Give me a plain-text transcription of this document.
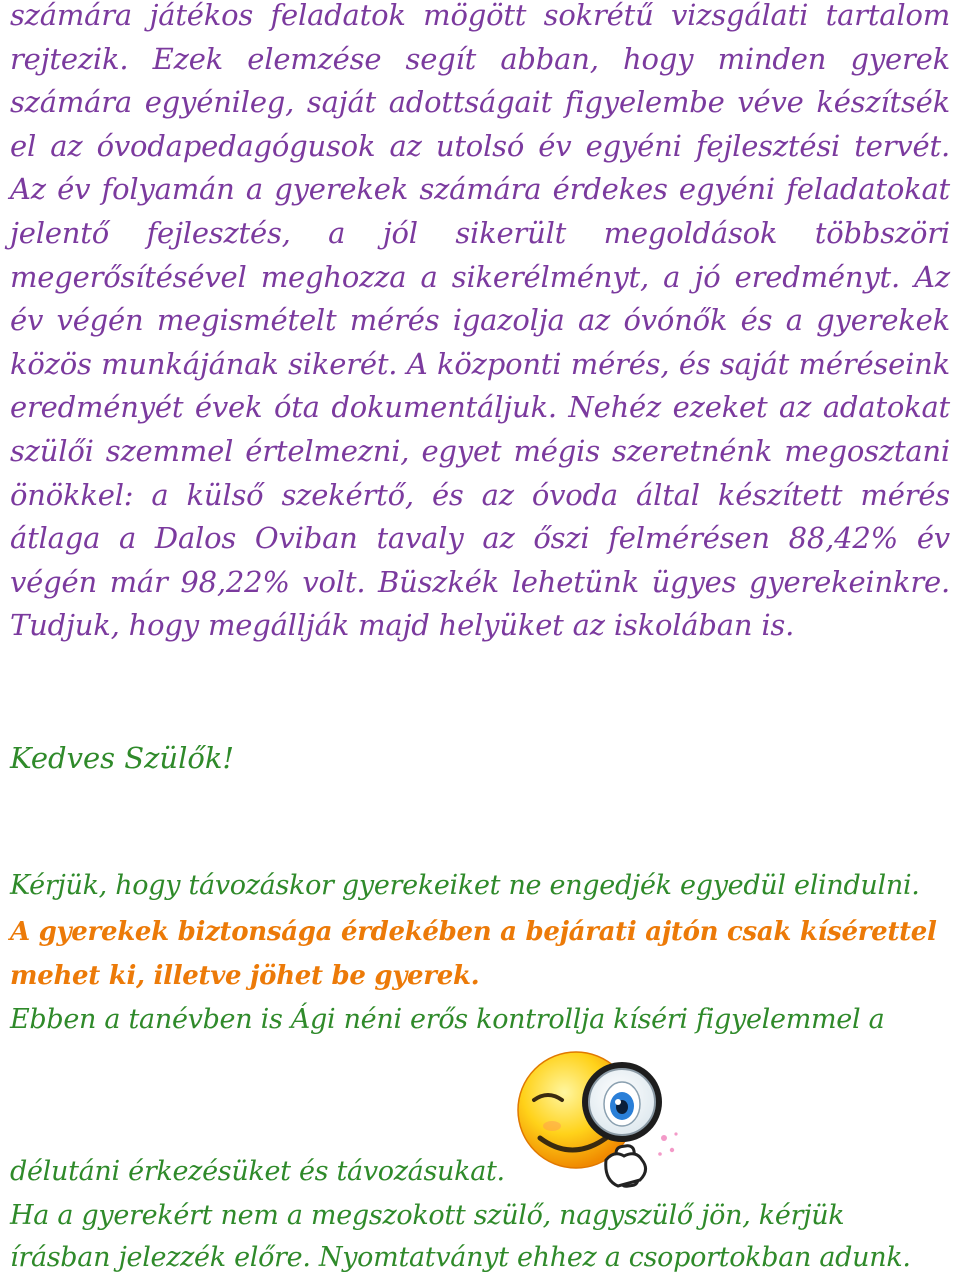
számára játékos feladatok mögött sokrétű vizsgálati tartalom rejtezik. Ezek elemzése segít abban, hogy minden gyerek számára egyénileg, saját adottságait figyelembe véve készítsék el az óvodapedagógusok az utolsó év egyéni fejlesztési tervét. Az év folyamán a gyerekek számára érdekes egyéni feladatokat jelentő fejlesztés, a jól sikerült megoldások többszöri megerősítésével meghozza a sikerélményt, a jó eredményt. Az év végén megismételt mérés igazolja az óvónők és a gyerekek közös munkájának sikerét. A központi mérés, és saját méréseink eredményét évek óta dokumentáljuk. Nehéz ezeket az adatokat szülői szemmel értelmezni, egyet mégis szeretnénk megosztani önökkel: a külső szekértő, és az óvoda által készített mérés átlaga a Dalos Oviban tavaly az őszi felmérésen 88,42% év végén már 98,22% volt. Büszkék lehetünk ügyes gyerekeinkre. Tudjuk, hogy megállják majd helyüket az iskolában is.

Kedves Szülők!

Kérjük, hogy távozáskor gyerekeiket ne engedjék egyedül elindulni.

A gyerekek biztonsága érdekében a bejárati ajtón csak kísérettel

mehet ki, illetve jöhet be gyerek.

Ebben a tanévben is Ági néni erős kontrollja kíséri figyelemmel a

délutáni érkezésüket és távozásukat.

Ha a gyerekért nem a megszokott szülő, nagyszülő jön, kérjük

írásban jelezzék előre. Nyomtatványt ehhez a csoportokban adunk.
